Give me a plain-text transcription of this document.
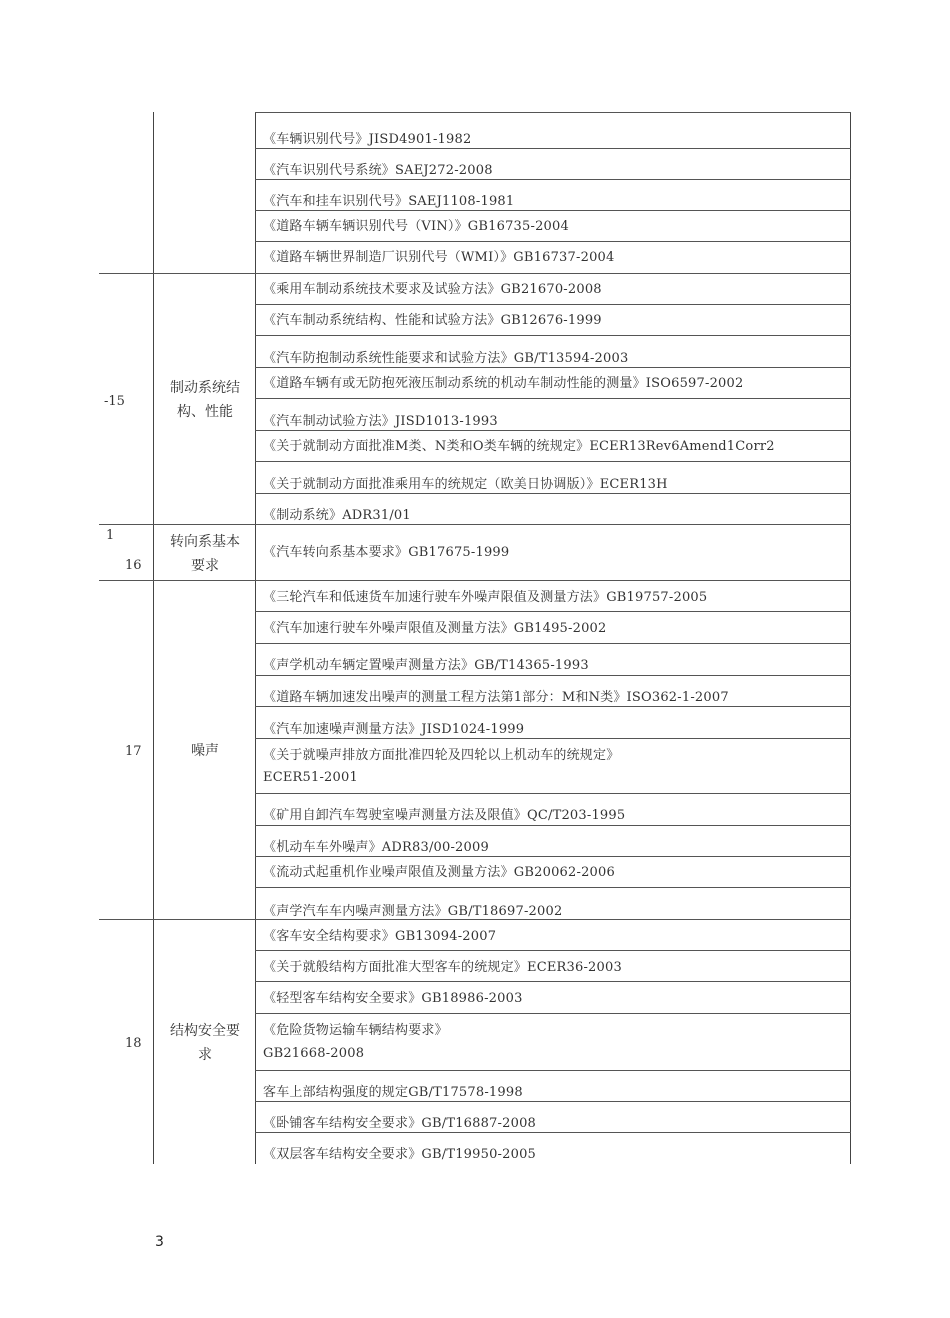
-15
1
16
17
18
制动系统结
构、性能
转向系基本
要求
噪声
结构安全要
求
《车辆识别代号》JISD4901-1982
《汽车识别代号系统》SAEJ272-2008
《汽车和挂车识别代号》SAEJ1108-1981
《道路车辆车辆识别代号（VIN）》GB16735-2004
《道路车辆世界制造厂识别代号（WMI）》GB16737-2004
《乘用车制动系统技术要求及试验方法》GB21670-2008
《汽车制动系统结构、性能和试验方法》GB12676-1999
《汽车防抱制动系统性能要求和试验方法》GB/T13594-2003
《道路车辆有或无防抱死液压制动系统的机动车制动性能的测量》ISO6597-2002
《汽车制动试验方法》JISD1013-1993
《关于就制动方面批准M类、N类和O类车辆的统规定》ECER13Rev6Amend1Corr2
《关于就制动方面批准乘用车的统规定（欧美日协调版）》ECER13H
《制动系统》ADR31/01
《汽车转向系基本要求》GB17675-1999
《三轮汽车和低速货车加速行驶车外噪声限值及测量方法》GB19757-2005
《汽车加速行驶车外噪声限值及测量方法》GB1495-2002
《声学机动车辆定置噪声测量方法》GB/T14365-1993
《道路车辆加速发出噪声的测量工程方法第1部分：M和N类》ISO362-1-2007
《汽车加速噪声测量方法》JISD1024-1999
《关于就噪声排放方面批准四轮及四轮以上机动车的统规定》
ECER51-2001
《矿用自卸汽车驾驶室噪声测量方法及限值》QC/T203-1995
《机动车车外噪声》ADR83/00-2009
《流动式起重机作业噪声限值及测量方法》GB20062-2006
《声学汽车车内噪声测量方法》GB/T18697-2002
《客车安全结构要求》GB13094-2007
《关于就般结构方面批准大型客车的统规定》ECER36-2003
《轻型客车结构安全要求》GB18986-2003
《危险货物运输车辆结构要求》
GB21668-2008
客车上部结构强度的规定GB/T17578-1998
《卧铺客车结构安全要求》GB/T16887-2008
《双层客车结构安全要求》GB/T19950-2005
3
